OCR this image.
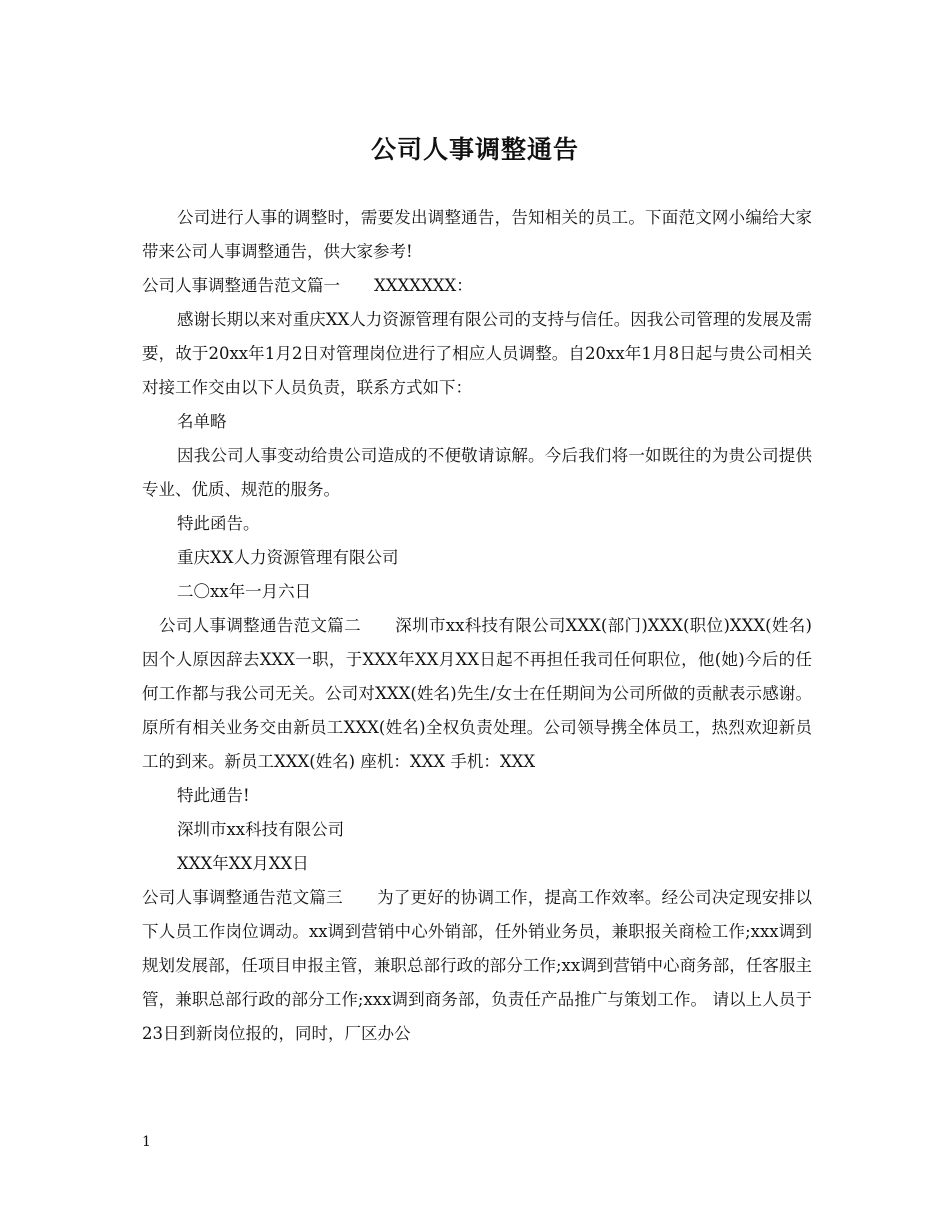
公司人事调整通告

公司进行人事的调整时，需要发出调整通告，告知相关的员工。下面范文网小编给大家带来公司人事调整通告，供大家参考!

公司人事调整通告范文篇一 XXXXXXX：

感谢长期以来对重庆XX人力资源管理有限公司的支持与信任。因我公司管理的发展及需要，故于20xx年1月2日对管理岗位进行了相应人员调整。自20xx年1月8日起与贵公司相关对接工作交由以下人员负责，联系方式如下：

名单略

因我公司人事变动给贵公司造成的不便敬请谅解。今后我们将一如既往的为贵公司提供专业、优质、规范的服务。

特此函告。

重庆XX人力资源管理有限公司

二〇xx年一月六日

公司人事调整通告范文篇二 深圳市xx科技有限公司XXX(部门)XXX(职位)XXX(姓名)因个人原因辞去XXX一职，于XXX年XX月XX日起不再担任我司任何职位，他(她)今后的任何工作都与我公司无关。公司对XXX(姓名)先生/女士在任期间为公司所做的贡献表示感谢。 原所有相关业务交由新员工XXX(姓名)全权负责处理。公司领导携全体员工，热烈欢迎新员工的到来。新员工XXX(姓名) 座机：XXX 手机：XXX

特此通告!

深圳市xx科技有限公司

XXX年XX月XX日

公司人事调整通告范文篇三 为了更好的协调工作，提高工作效率。经公司决定现安排以下人员工作岗位调动。xx调到营销中心外销部，任外销业务员，兼职报关商检工作;xxx调到规划发展部，任项目申报主管，兼职总部行政的部分工作;xx调到营销中心商务部，任客服主管，兼职总部行政的部分工作;xxx调到商务部，负责任产品推广与策划工作。 请以上人员于23日到新岗位报的，同时，厂区办公

1
